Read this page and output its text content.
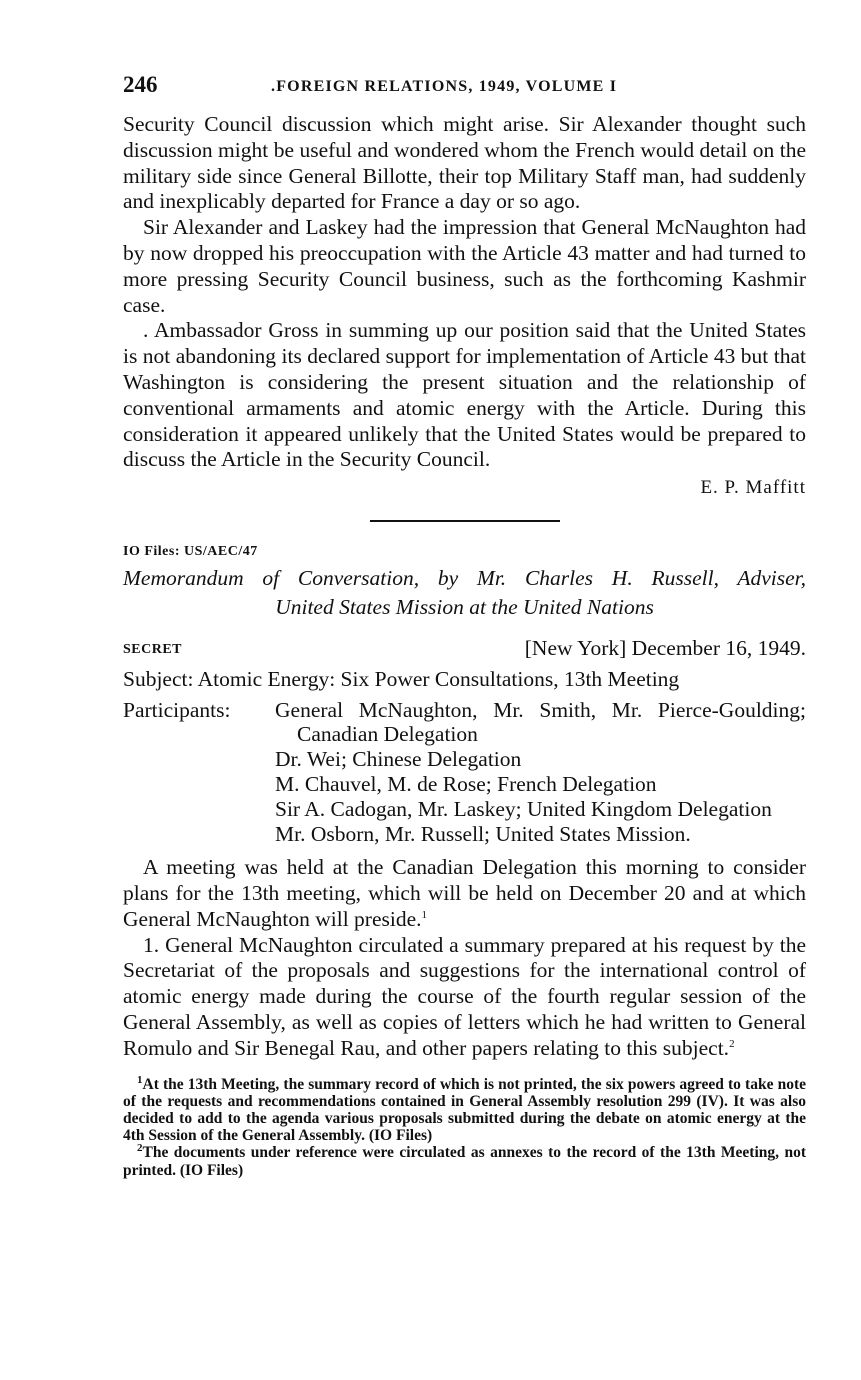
246	.FOREIGN RELATIONS, 1949, VOLUME I

Security Council discussion which might arise. Sir Alexander thought such discussion might be useful and wondered whom the French would detail on the military side since General Billotte, their top Military Staff man, had suddenly and inexplicably departed for France a day or so ago.

Sir Alexander and Laskey had the impression that General McNaughton had by now dropped his preoccupation with the Article 43 matter and had turned to more pressing Security Council business, such as the forthcoming Kashmir case.

. Ambassador Gross in summing up our position said that the United States is not abandoning its declared support for implementation of Article 43 but that Washington is considering the present situation and the relationship of conventional armaments and atomic energy with the Article. During this consideration it appeared unlikely that the United States would be prepared to discuss the Article in the Security Council.

E. P. Maffitt
IO Files: US/AEC/47
Memorandum of Conversation, by Mr. Charles H. Russell, Adviser,
United States Mission at the United Nations
SECRET	[New York] December 16, 1949.
Subject: Atomic Energy: Six Power Consultations, 13th Meeting
Participants:	General McNaughton, Mr. Smith, Mr. Pierce-Goulding; Canadian Delegation
Dr. Wei; Chinese Delegation
M. Chauvel, M. de Rose; French Delegation
Sir A. Cadogan, Mr. Laskey; United Kingdom Delegation
Mr. Osborn, Mr. Russell; United States Mission.

A meeting was held at the Canadian Delegation this morning to consider plans for the 13th meeting, which will be held on December 20 and at which General McNaughton will preside.$^1$

1. General McNaughton circulated a summary prepared at his request by the Secretariat of the proposals and suggestions for the international control of atomic energy made during the course of the fourth regular session of the General Assembly, as well as copies of letters which he had written to General Romulo and Sir Benegal Rau, and other papers relating to this subject.$^2$

$^1$At the 13th Meeting, the summary record of which is not printed, the six powers agreed to take note of the requests and recommendations contained in General Assembly resolution 299 (IV). It was also decided to add to the agenda various proposals submitted during the debate on atomic energy at the 4th Session of the General Assembly. (IO Files)
$^2$The documents under reference were circulated as annexes to the record of the 13th Meeting, not printed. (IO Files)
